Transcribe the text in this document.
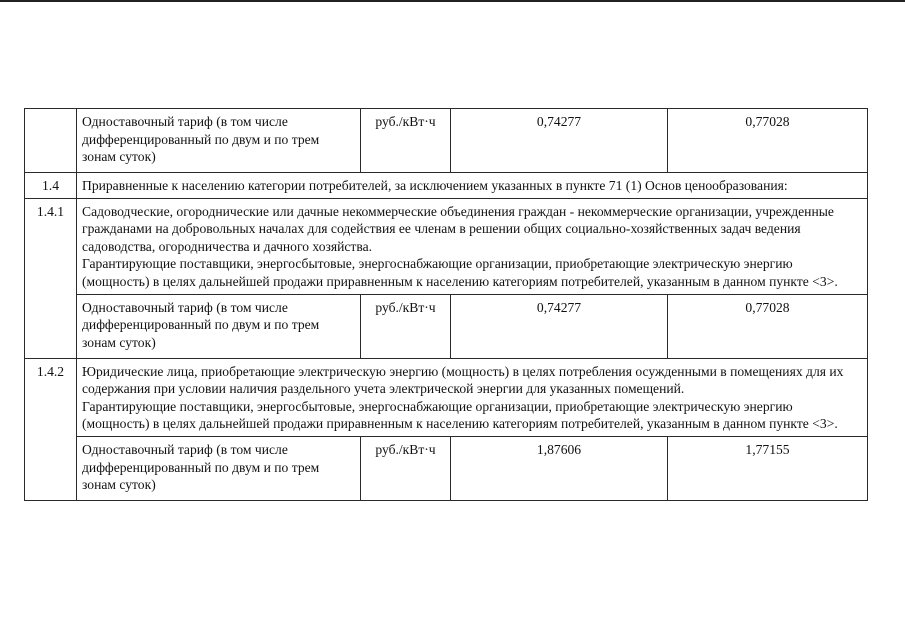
	Одноставочный тариф (в том числе дифференцированный по двум и по трем зонам суток)	руб./кВт·ч	0,74277	0,77028
1.4	Приравненные к населению категории потребителей, за исключением указанных в пункте 71 (1) Основ ценообразования:			

1.4.1	Садоводческие, огороднические или дачные некоммерческие объединения граждан - некоммерческие организации, учрежденные гражданами на добровольных началах для содействия ее членам в решении общих социально-хозяйственных задач ведения садоводства, огородничества и дачного хозяйства.
Гарантирующие поставщики, энергосбытовые, энергоснабжающие организации, приобретающие электрическую энергию (мощность) в целях дальнейшей продажи приравненным к населению категориям потребителей, указанным в данном пункте <3>.			

	Одноставочный тариф (в том числе дифференцированный по двум и по трем зонам суток)	руб./кВт·ч	0,74277	0,77028
1.4.2	Юридические лица, приобретающие электрическую энергию (мощность) в целях потребления осужденными в помещениях для их содержания при условии наличия раздельного учета электрической энергии для указанных помещений.
Гарантирующие поставщики, энергосбытовые, энергоснабжающие организации, приобретающие электрическую энергию (мощность) в целях дальнейшей продажи приравненным к населению категориям потребителей, указанным в данном пункте <3>.			

	Одноставочный тариф (в том числе дифференцированный по двум и по трем зонам суток)	руб./кВт·ч	1,87606	1,77155
